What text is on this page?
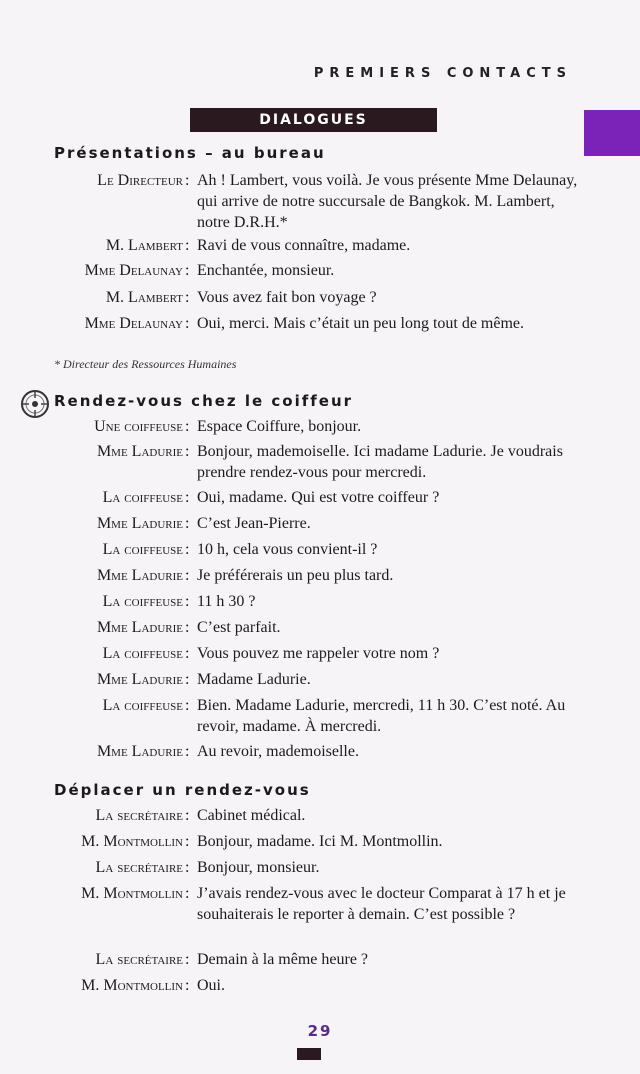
PREMIERS CONTACTS
DIALOGUES
Présentations – au bureau
Le Directeur : Ah ! Lambert, vous voilà. Je vous présente Mme Delaunay, qui arrive de notre succursale de Bangkok. M. Lambert, notre D.R.H.*
M. Lambert : Ravi de vous connaître, madame.
Mme Delaunay : Enchantée, monsieur.
M. Lambert : Vous avez fait bon voyage ?
Mme Delaunay : Oui, merci. Mais c’était un peu long tout de même.
* Directeur des Ressources Humaines
Rendez-vous chez le coiffeur
Une coiffeuse : Espace Coiffure, bonjour.
Mme Ladurie : Bonjour, mademoiselle. Ici madame Ladurie. Je voudrais prendre rendez-vous pour mercredi.
La coiffeuse : Oui, madame. Qui est votre coiffeur ?
Mme Ladurie : C’est Jean-Pierre.
La coiffeuse : 10 h, cela vous convient-il ?
Mme Ladurie : Je préférerais un peu plus tard.
La coiffeuse : 11 h 30 ?
Mme Ladurie : C’est parfait.
La coiffeuse : Vous pouvez me rappeler votre nom ?
Mme Ladurie : Madame Ladurie.
La coiffeuse : Bien. Madame Ladurie, mercredi, 11 h 30. C’est noté. Au revoir, madame. À mercredi.
Mme Ladurie : Au revoir, mademoiselle.
Déplacer un rendez-vous
La secrétaire : Cabinet médical.
M. Montmollin : Bonjour, madame. Ici M. Montmollin.
La secrétaire : Bonjour, monsieur.
M. Montmollin : J’avais rendez-vous avec le docteur Comparat à 17 h et je souhaiterais le reporter à demain. C’est possible ?
La secrétaire : Demain à la même heure ?
M. Montmollin : Oui.
29
